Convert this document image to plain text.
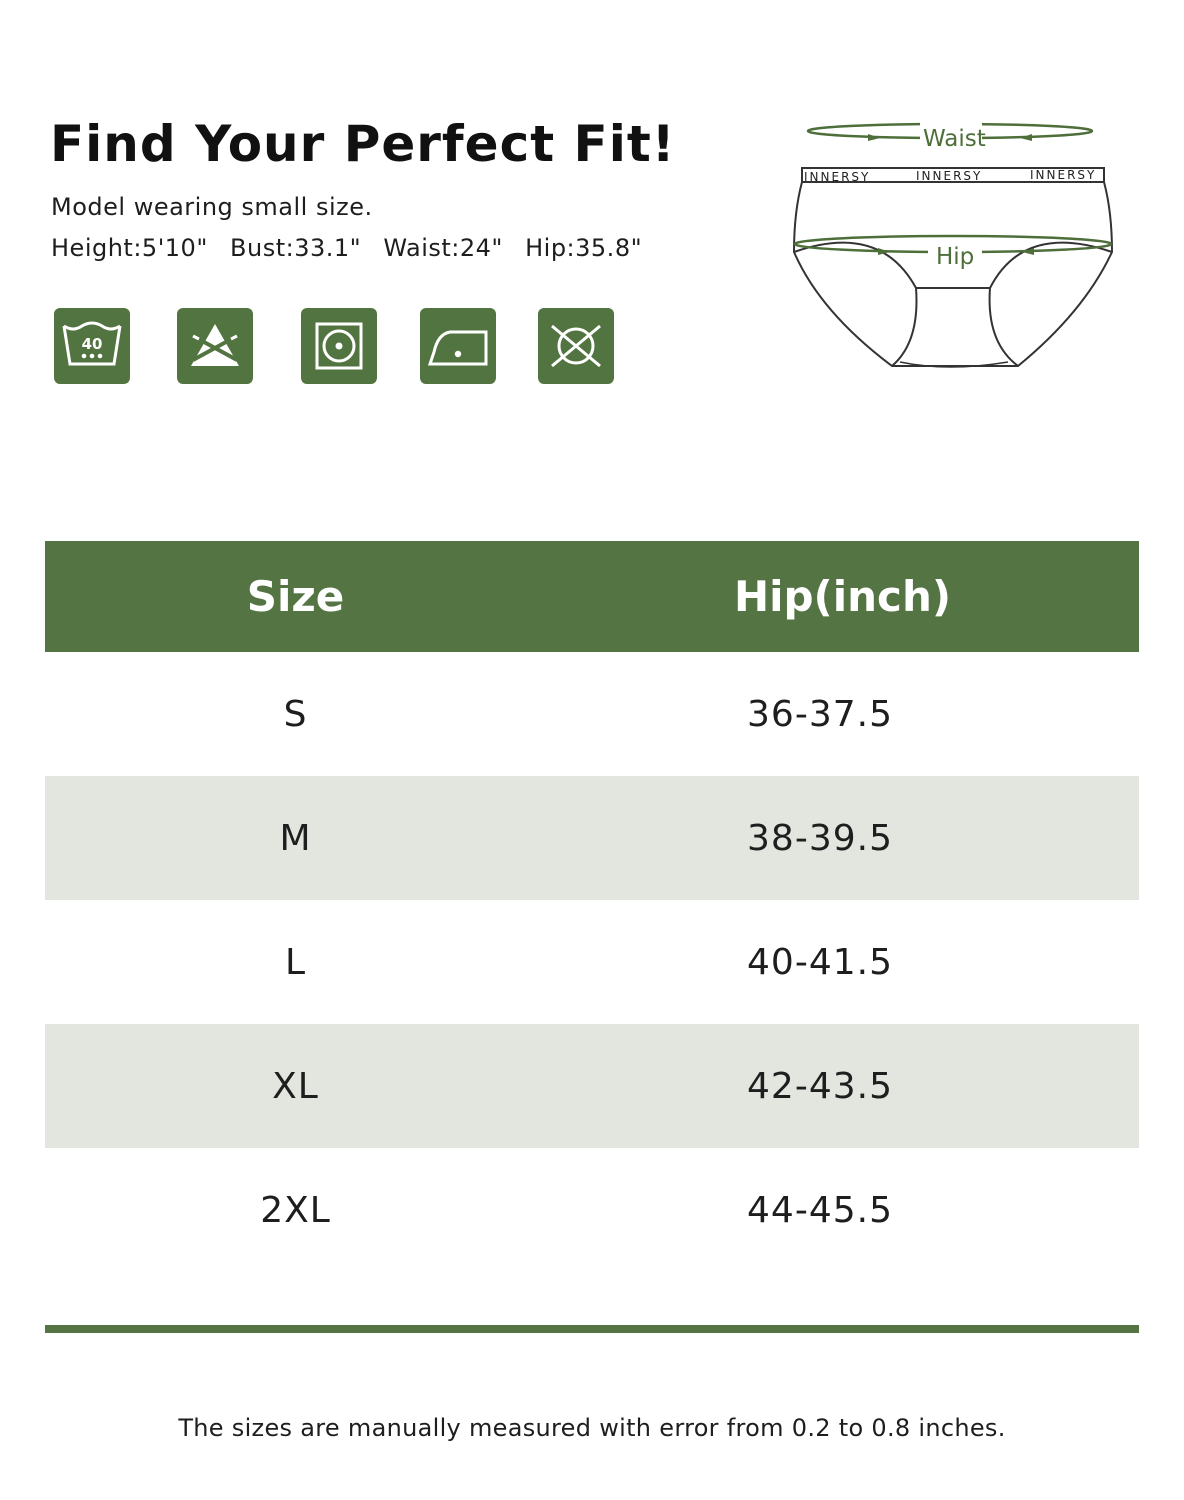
Find Your Perfect Fit!
Model wearing small size.
Height:5'10" Bust:33.1" Waist:24" Hip:35.8"
40
Waist
Hip
INNERSY	INNERSY	INNERSY
Size	Hip(inch)
S	36-37.5
M	38-39.5
L	40-41.5
XL	42-43.5
2XL	44-45.5
The sizes are manually measured with error from 0.2 to 0.8 inches.
